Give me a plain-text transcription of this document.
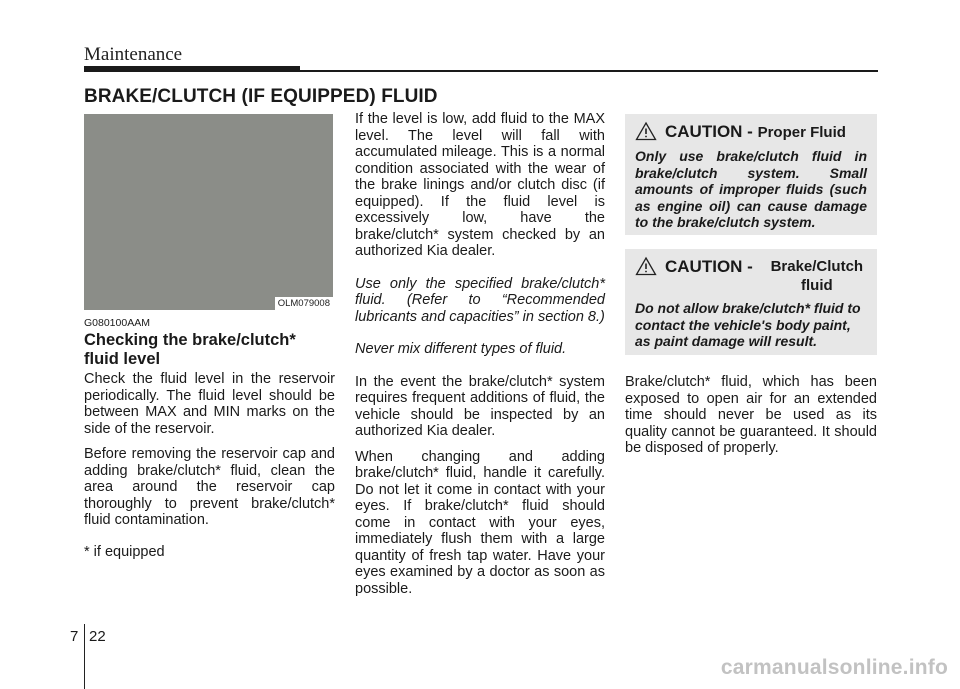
Maintenance
BRAKE/CLUTCH (IF EQUIPPED) FLUID
OLM079008
G080100AAM
Checking the brake/clutch* fluid level

Check the fluid level in the reservoir periodically. The fluid level should be between MAX and MIN marks on the side of the reservoir.

Before removing the reservoir cap and adding brake/clutch* fluid, clean the area around the reservoir cap thoroughly to prevent brake/clutch* fluid contamination.

* if equipped

If the level is low, add fluid to the MAX level. The level will fall with accumulated mileage. This is a normal condition associated with the wear of the brake linings and/or clutch disc (if equipped). If the fluid level is excessively low, have the brake/clutch* system checked by an authorized Kia dealer.

Use only the specified brake/clutch* fluid. (Refer to “Recommended lubricants and capacities” in section 8.)

Never mix different types of fluid.

In the event the brake/clutch* system requires frequent additions of fluid, the vehicle should be inspected by an authorized Kia dealer.

When changing and adding brake/clutch* fluid, handle it carefully. Do not let it come in contact with your eyes. If brake/clutch* fluid should come in contact with your eyes, immediately flush them with a large quantity of fresh tap water. Have your eyes examined by a doctor as soon as possible.

CAUTION - Proper Fluid

Only use brake/clutch fluid in brake/clutch system. Small amounts of improper fluids (such as engine oil) can cause damage to the brake/clutch system.

CAUTION -	Brake/Clutch fluid

Do not allow brake/clutch* fluid to contact the vehicle's body paint, as paint damage will result.

Brake/clutch* fluid, which has been exposed to open air for an extended time should never be used as its quality cannot be guaranteed. It should be disposed of properly.

7 22
carmanualsonline.info
